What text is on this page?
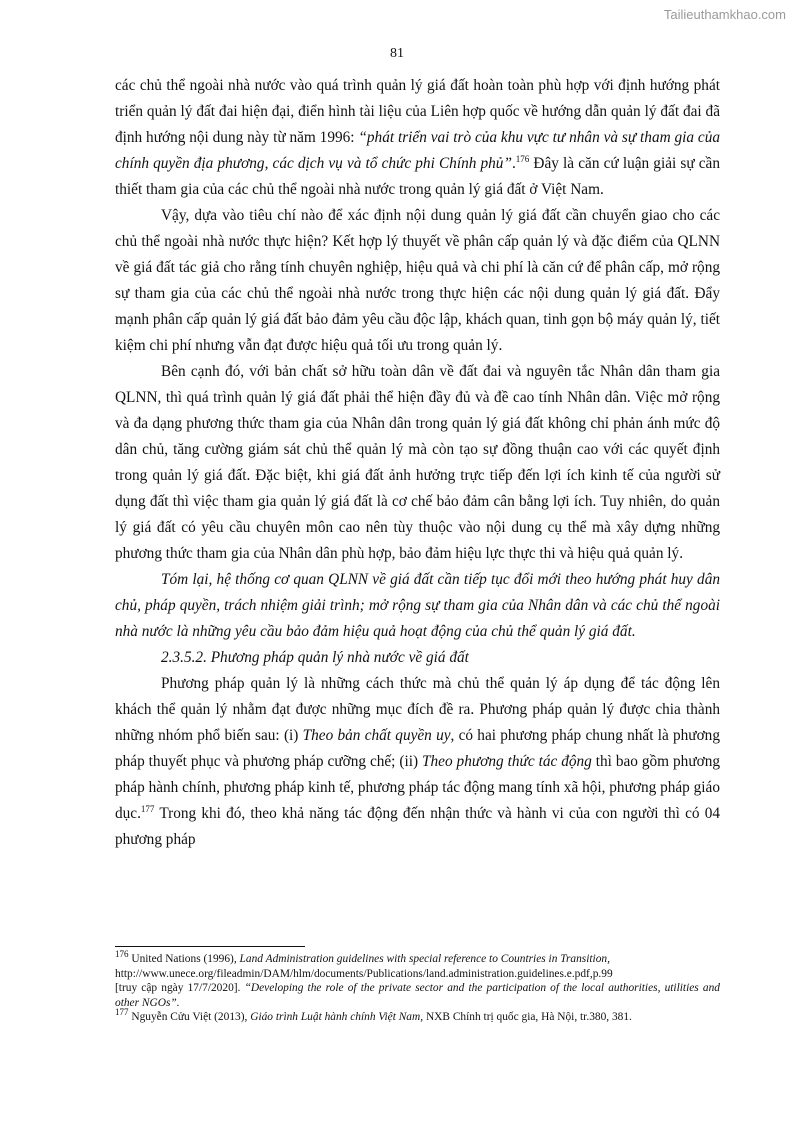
Tailieuthamkhao.com
81

các chủ thể ngoài nhà nước vào quá trình quản lý giá đất hoàn toàn phù hợp với định hướng phát triển quản lý đất đai hiện đại, điển hình tài liệu của Liên hợp quốc về hướng dẫn quản lý đất đai đã định hướng nội dung này từ năm 1996: “phát triển vai trò của khu vực tư nhân và sự tham gia của chính quyền địa phương, các dịch vụ và tổ chức phi Chính phủ”.$^{176}$ Đây là căn cứ luận giải sự cần thiết tham gia của các chủ thể ngoài nhà nước trong quản lý giá đất ở Việt Nam.

Vậy, dựa vào tiêu chí nào để xác định nội dung quản lý giá đất cần chuyển giao cho các chủ thể ngoài nhà nước thực hiện? Kết hợp lý thuyết về phân cấp quản lý và đặc điểm của QLNN về giá đất tác giả cho rằng tính chuyên nghiệp, hiệu quả và chi phí là căn cứ để phân cấp, mở rộng sự tham gia của các chủ thể ngoài nhà nước trong thực hiện các nội dung quản lý giá đất. Đẩy mạnh phân cấp quản lý giá đất bảo đảm yêu cầu độc lập, khách quan, tinh gọn bộ máy quản lý, tiết kiệm chi phí nhưng vẫn đạt được hiệu quả tối ưu trong quản lý.

Bên cạnh đó, với bản chất sở hữu toàn dân về đất đai và nguyên tắc Nhân dân tham gia QLNN, thì quá trình quản lý giá đất phải thể hiện đầy đủ và đề cao tính Nhân dân. Việc mở rộng và đa dạng phương thức tham gia của Nhân dân trong quản lý giá đất không chỉ phản ánh mức độ dân chủ, tăng cường giám sát chủ thể quản lý mà còn tạo sự đồng thuận cao với các quyết định trong quản lý giá đất. Đặc biệt, khi giá đất ảnh hưởng trực tiếp đến lợi ích kinh tế của người sử dụng đất thì việc tham gia quản lý giá đất là cơ chế bảo đảm cân bằng lợi ích. Tuy nhiên, do quản lý giá đất có yêu cầu chuyên môn cao nên tùy thuộc vào nội dung cụ thể mà xây dựng những phương thức tham gia của Nhân dân phù hợp, bảo đảm hiệu lực thực thi và hiệu quả quản lý.

Tóm lại, hệ thống cơ quan QLNN về giá đất cần tiếp tục đổi mới theo hướng phát huy dân chủ, pháp quyền, trách nhiệm giải trình; mở rộng sự tham gia của Nhân dân và các chủ thể ngoài nhà nước là những yêu cầu bảo đảm hiệu quả hoạt động của chủ thể quản lý giá đất.

2.3.5.2. Phương pháp quản lý nhà nước về giá đất

Phương pháp quản lý là những cách thức mà chủ thể quản lý áp dụng để tác động lên khách thể quản lý nhằm đạt được những mục đích đề ra. Phương pháp quản lý được chia thành những nhóm phổ biến sau: (i) Theo bản chất quyền uy, có hai phương pháp chung nhất là phương pháp thuyết phục và phương pháp cưỡng chế; (ii) Theo phương thức tác động thì bao gồm phương pháp hành chính, phương pháp kinh tế, phương pháp tác động mang tính xã hội, phương pháp giáo dục.$^{177}$ Trong khi đó, theo khả năng tác động đến nhận thức và hành vi của con người thì có 04 phương pháp

$^{176}$ United Nations (1996), Land Administration guidelines with special reference to Countries in Transition,
http://www.unece.org/fileadmin/DAM/hlm/documents/Publications/land.administration.guidelines.e.pdf,p.99
[truy cập ngày 17/7/2020]. “Developing the role of the private sector and the participation of the local authorities, utilities and other NGOs”.

$^{177}$ Nguyễn Cửu Việt (2013), Giáo trình Luật hành chính Việt Nam, NXB Chính trị quốc gia, Hà Nội, tr.380, 381.
